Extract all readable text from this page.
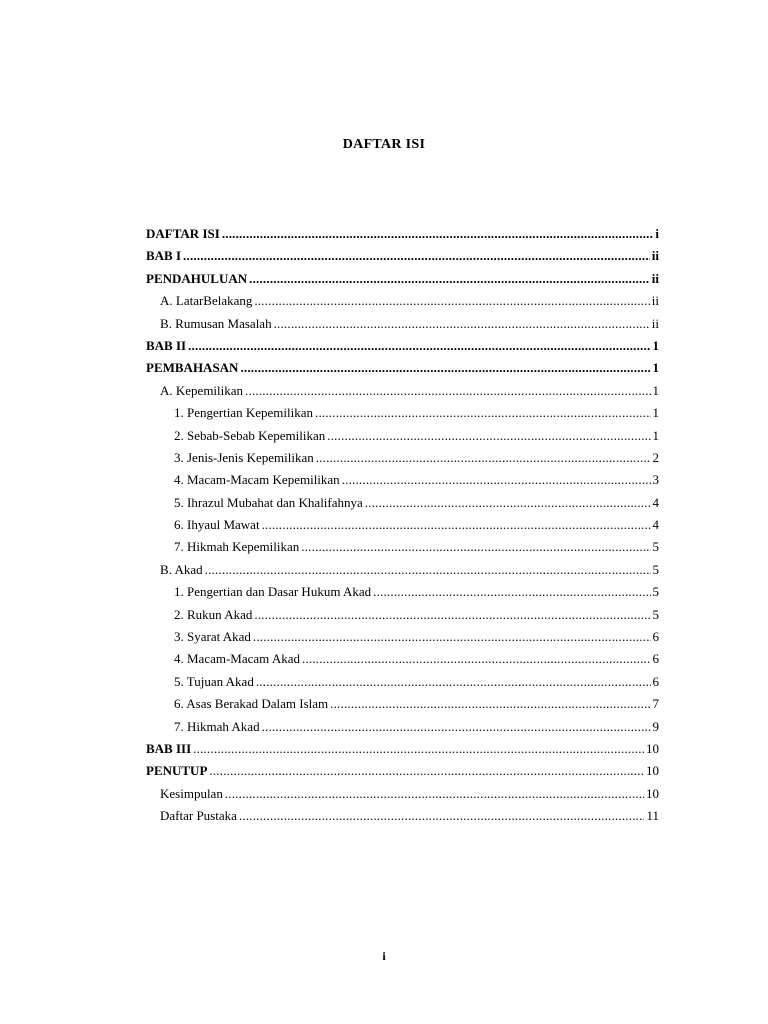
DAFTAR ISI
DAFTAR ISI .....	i
BAB I .....	ii
PENDAHULUAN .....	ii
A. LatarBelakang .....	ii
B. Rumusan Masalah .....	ii
BAB II .....	1
PEMBAHASAN .....	1
A. Kepemilikan .....	1
1. Pengertian Kepemilikan .....	1
2. Sebab-Sebab Kepemilikan .....	1
3. Jenis-Jenis Kepemilikan .....	2
4. Macam-Macam Kepemilikan .....	3
5. Ihrazul Mubahat dan Khalifahnya .....	4
6. Ihyaul Mawat .....	4
7. Hikmah Kepemilikan .....	5
B. Akad .....	5
1. Pengertian dan Dasar Hukum Akad .....	5
2. Rukun Akad .....	5
3. Syarat Akad .....	6
4. Macam-Macam Akad .....	6
5. Tujuan Akad .....	6
6. Asas Berakad Dalam Islam .....	7
7. Hikmah Akad .....	9
BAB III .....	10
PENUTUP .....	10
Kesimpulan .....	10
Daftar Pustaka .....	11
i
